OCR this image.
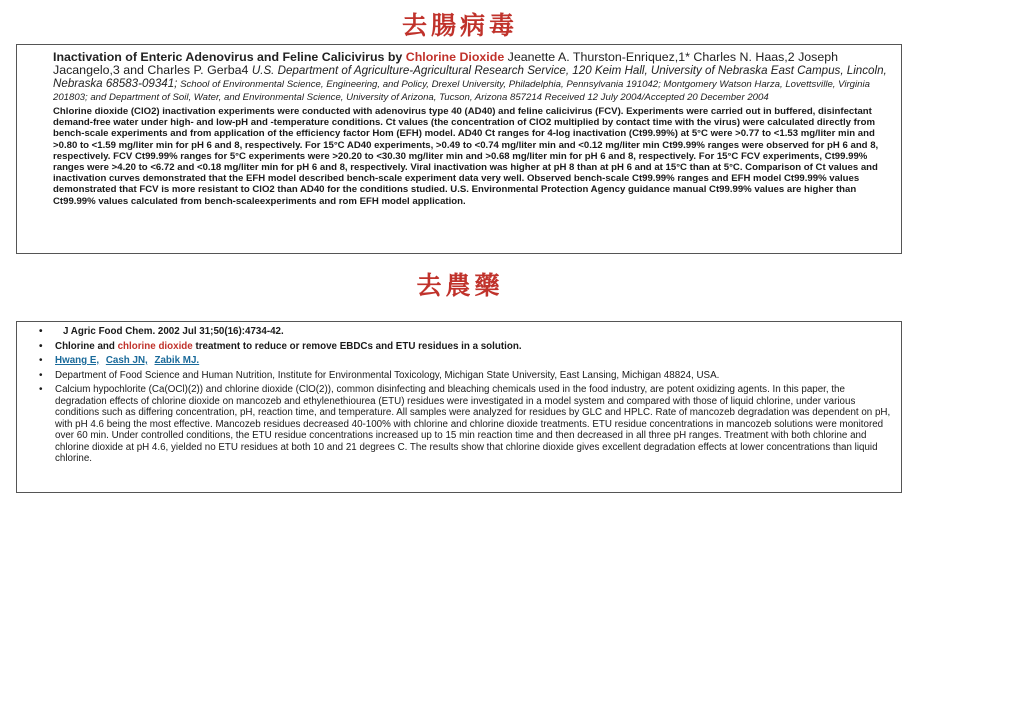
去腸病毒
Inactivation of Enteric Adenovirus and Feline Calicivirus by Chlorine Dioxide Jeanette A. Thurston-Enriquez,1* Charles N. Haas,2 Joseph Jacangelo,3 and Charles P. Gerba4 U.S. Department of Agriculture-Agricultural Research Service, 120 Keim Hall, University of Nebraska East Campus, Lincoln, Nebraska 68583-09341; School of Environmental Science, Engineering, and Policy, Drexel University, Philadelphia, Pennsylvania 191042; Montgomery Watson Harza, Lovettsville, Virginia 201803; and Department of Soil, Water, and Environmental Science, University of Arizona, Tucson, Arizona 857214 Received 12 July 2004/Accepted 20 December 2004
Chlorine dioxide (ClO2) inactivation experiments were conducted with adenovirus type 40 (AD40) and feline calicivirus (FCV). Experiments were carried out in buffered, disinfectant demand-free water under high- and low-pH and -temperature conditions. Ct values (the concentration of ClO2 multiplied by contact time with the virus) were calculated directly from bench-scale experiments and from application of the efficiency factor Hom (EFH) model. AD40 Ct ranges for 4-log inactivation (Ct99.99%) at 5°C were >0.77 to <1.53 mg/liter min and >0.80 to <1.59 mg/liter min for pH 6 and 8, respectively. For 15°C AD40 experiments, >0.49 to <0.74 mg/liter min and <0.12 mg/liter min Ct99.99% ranges were observed for pH 6 and 8, respectively. FCV Ct99.99% ranges for 5°C experiments were >20.20 to <30.30 mg/liter min and >0.68 mg/liter min for pH 6 and 8, respectively. For 15°C FCV experiments, Ct99.99% ranges were >4.20 to <6.72 and <0.18 mg/liter min for pH 6 and 8, respectively. Viral inactivation was higher at pH 8 than at pH 6 and at 15°C than at 5°C. Comparison of Ct values and inactivation curves demonstrated that the EFH model described bench-scale experiment data very well. Observed bench-scale Ct99.99% ranges and EFH model Ct99.99% values demonstrated that FCV is more resistant to ClO2 than AD40 for the conditions studied. U.S. Environmental Protection Agency guidance manual Ct99.99% values are higher than Ct99.99% values calculated from bench-scaleexperiments and rom EFH model application.
去農藥
• J Agric Food Chem. 2002 Jul 31;50(16):4734-42.
• Chlorine and chlorine dioxide treatment to reduce or remove EBDCs and ETU residues in a solution.
• Hwang E, Cash JN, Zabik MJ.
• Department of Food Science and Human Nutrition, Institute for Environmental Toxicology, Michigan State University, East Lansing, Michigan 48824, USA.
• Calcium hypochlorite (Ca(OCl)(2)) and chlorine dioxide (ClO(2)), common disinfecting and bleaching chemicals used in the food industry, are potent oxidizing agents. In this paper, the degradation effects of chlorine dioxide on mancozeb and ethylenethiourea (ETU) residues were investigated in a model system and compared with those of liquid chlorine, under various conditions such as differing concentration, pH, reaction time, and temperature. All samples were analyzed for residues by GLC and HPLC. Rate of mancozeb degradation was dependent on pH, with pH 4.6 being the most effective. Mancozeb residues decreased 40-100% with chlorine and chlorine dioxide treatments. ETU residue concentrations in mancozeb solutions were monitored over 60 min. Under controlled conditions, the ETU residue concentrations increased up to 15 min reaction time and then decreased in all three pH ranges. Treatment with both chlorine and chlorine dioxide at pH 4.6, yielded no ETU residues at both 10 and 21 degrees C. The results show that chlorine dioxide gives excellent degradation effects at lower concentrations than liquid chlorine.
